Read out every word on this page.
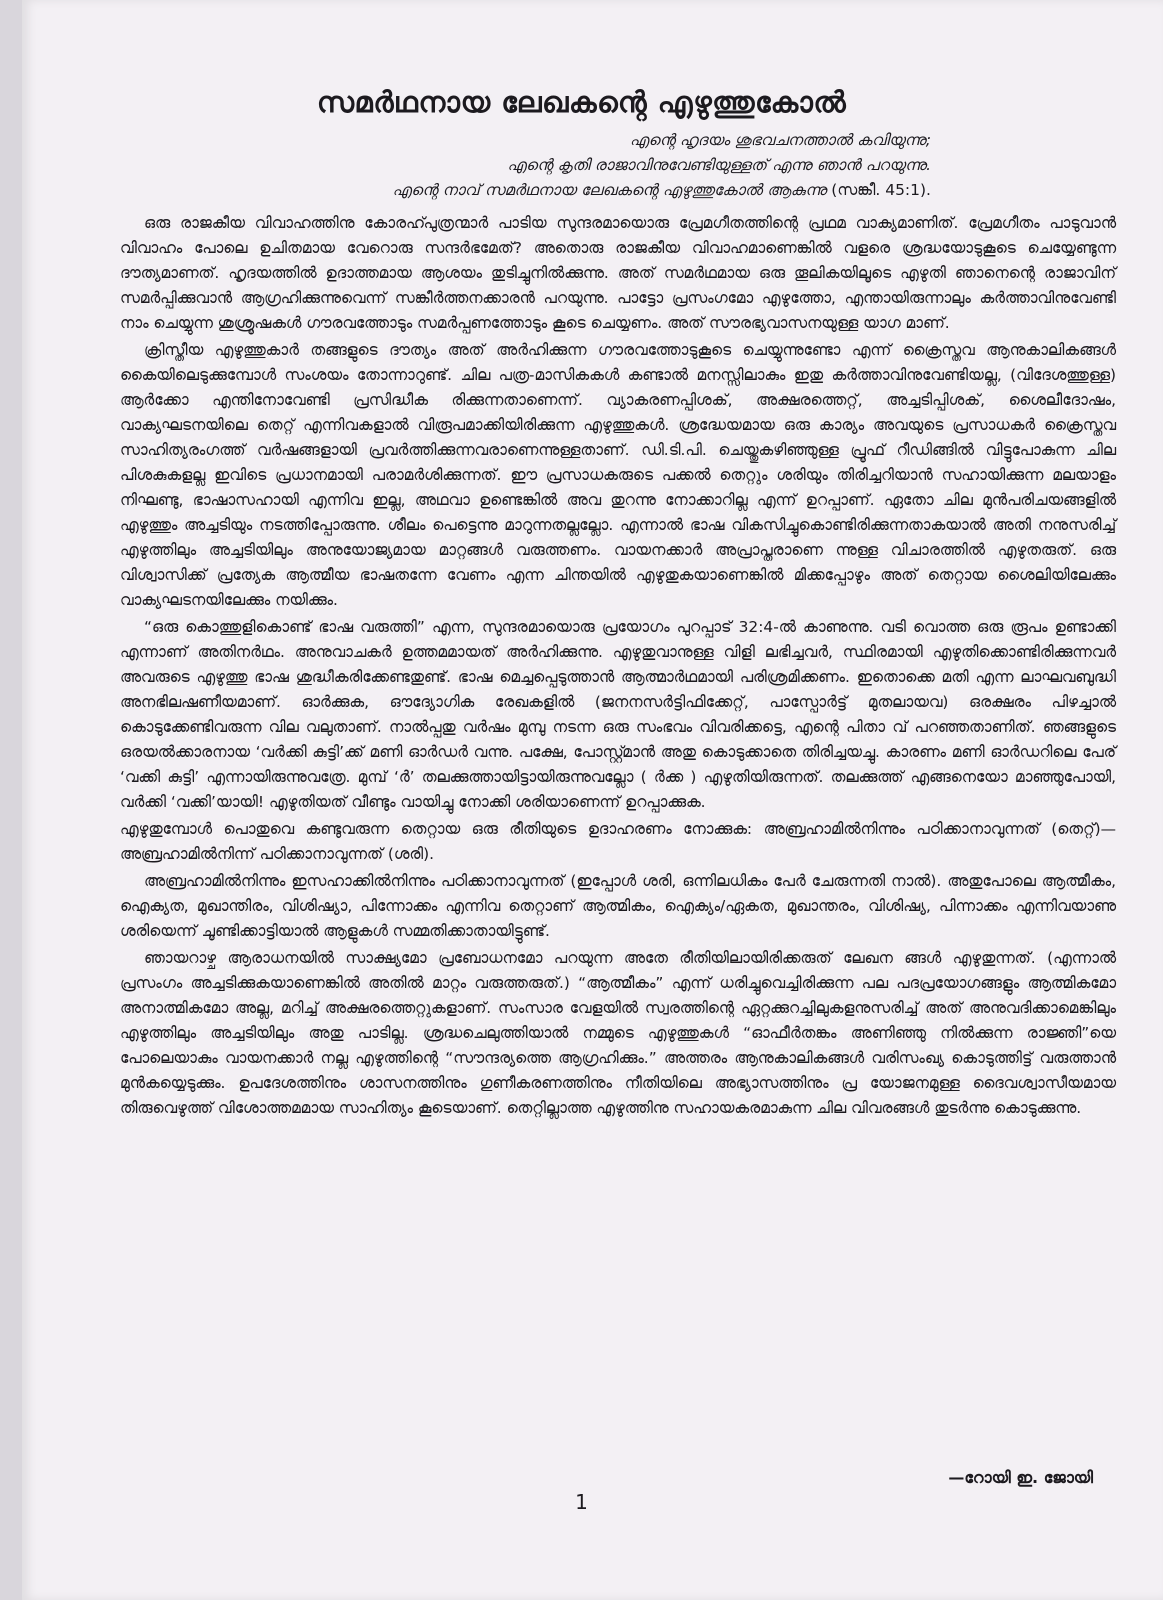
സമർഥനായ ലേഖകന്റെ എഴുത്തുകോൽ
എന്റെ ഹൃദയം ശുഭവചനത്താൽ കവിയുന്നു;
എന്റെ കൃതി രാജാവിനുവേണ്ടിയുള്ളത് എന്നു ഞാൻ പറയുന്നു.
എന്റെ നാവ് സമർഥനായ ലേഖകന്റെ എഴുത്തുകോൽ ആകുന്നു (സങ്കീ. 45:1).

ഒരു രാജകീയ വിവാഹത്തിനു കോരഹ്പുത്രന്മാർ പാടിയ സുന്ദരമായൊരു പ്രേമഗീതത്തിന്റെ പ്രഥമ വാക്യമാണിത്. പ്രേമഗീതം പാടുവാൻ വിവാഹം പോലെ ഉചിതമായ വേറൊരു സന്ദർഭമേത്? അതൊരു രാജകീയ വിവാഹമാണെങ്കിൽ വളരെ ശ്രദ്ധയോടുകൂടെ ചെയ്യേണ്ടുന്ന ദൗത്യമാണത്. ഹൃദയത്തിൽ ഉദാത്തമായ ആശയം തുടിച്ചുനിൽക്കുന്നു. അത് സമർഥമായ ഒരു തൂലികയിലൂടെ എഴുതി ഞാനെന്റെ രാജാവിന് സമർപ്പിക്കുവാൻ ആഗ്രഹിക്കുന്നുവെന്ന് സങ്കീർത്തനക്കാരൻ പറയുന്നു. പാട്ടോ പ്രസംഗമോ എഴുത്തോ, എന്തായിരുന്നാലും കർത്താവിനുവേണ്ടി നാം ചെയ്യുന്ന ശുശ്രൂഷകൾ ഗൗരവത്തോടും സമർപ്പണത്തോടും കൂടെ ചെയ്യണം. അത് സൗരഭ്യവാസനയുള്ള യാഗ മാണ്.

ക്രിസ്തീയ എഴുത്തുകാർ തങ്ങളുടെ ദൗത്യം അത് അർഹിക്കുന്ന ഗൗരവത്തോടുകൂടെ ചെയ്യുന്നുണ്ടോ എന്ന് ക്രൈസ്തവ ആനുകാലികങ്ങൾ കൈയിലെടുക്കുമ്പോൾ സംശയം തോന്നാറുണ്ട്. ചില പത്ര-മാസികകൾ കണ്ടാൽ മനസ്സിലാകും ഇതു കർത്താവിനുവേണ്ടിയല്ല, (വിദേശത്തുള്ള) ആർക്കോ എന്തിനോവേണ്ടി പ്രസിദ്ധീക രിക്കുന്നതാണെന്ന്. വ്യാകരണപ്പിശക്, അക്ഷരത്തെറ്റ്, അച്ചടിപ്പിശക്, ശൈലീദോഷം, വാക്യഘടനയിലെ തെറ്റ് എന്നിവകളാൽ വിരൂപമാക്കിയിരിക്കുന്ന എഴുത്തുകൾ. ശ്രദ്ധേയമായ ഒരു കാര്യം അവയുടെ പ്രസാധകർ ക്രൈസ്തവ സാഹിത്യരംഗത്ത് വർഷങ്ങളായി പ്രവർത്തിക്കുന്നവരാണെന്നുള്ളതാണ്. ഡി.ടി.പി. ചെയ്തുകഴിഞ്ഞുള്ള പ്രൂഫ് റീഡിങ്ങിൽ വിട്ടുപോകുന്ന ചില പിശകുകളല്ല ഇവിടെ പ്രധാനമായി പരാമർശിക്കുന്നത്. ഈ പ്രസാധകരുടെ പക്കൽ തെറ്റും ശരിയും തിരിച്ചറിയാൻ സഹായിക്കുന്ന മലയാളം നിഘണ്ടു, ഭാഷാസഹായി എന്നിവ ഇല്ല, അഥവാ ഉണ്ടെങ്കിൽ അവ തുറന്നു നോക്കാറില്ല എന്ന് ഉറപ്പാണ്. ഏതോ ചില മുൻപരിചയങ്ങളിൽ എഴുത്തും അച്ചടിയും നടത്തിപ്പോരുന്നു. ശീലം പെട്ടെന്നു മാറുന്നതല്ലല്ലോ. എന്നാൽ ഭാഷ വികസിച്ചുകൊണ്ടിരിക്കുന്നതാകയാൽ അതി നനുസരിച്ച് എഴുത്തിലും അച്ചടിയിലും അനുയോജ്യമായ മാറ്റങ്ങൾ വരുത്തണം. വായനക്കാർ അപ്രാപ്തരാണെ ന്നുള്ള വിചാരത്തിൽ എഴുതരുത്. ഒരു വിശ്വാസിക്ക് പ്രത്യേക ആത്മീയ ഭാഷതന്നേ വേണം എന്ന ചിന്തയിൽ എഴുതുകയാണെങ്കിൽ മിക്കപ്പോഴും അത് തെറ്റായ ശൈലിയിലേക്കും വാക്യഘടനയിലേക്കും നയിക്കും.

“ഒരു കൊത്തുളികൊണ്ട് ഭാഷ വരുത്തി” എന്ന, സുന്ദരമായൊരു പ്രയോഗം പുറപ്പാട് 32:4-ൽ കാണുന്നു. വടി വൊത്ത ഒരു രൂപം ഉണ്ടാക്കി എന്നാണ് അതിനർഥം. അനുവാചകർ ഉത്തമമായത് അർഹിക്കുന്നു. എഴുതുവാനുള്ള വിളി ലഭിച്ചവർ, സ്ഥിരമായി എഴുതിക്കൊണ്ടിരിക്കുന്നവർ അവരുടെ എഴുത്തു ഭാഷ ശുദ്ധീകരിക്കേണ്ടതുണ്ട്. ഭാഷ മെച്ചപ്പെടുത്താൻ ആത്മാർഥമായി പരിശ്രമിക്കണം. ഇതൊക്കെ മതി എന്ന ലാഘവബുദ്ധി അനഭിലഷണീയമാണ്. ഓർക്കുക, ഔദ്യോഗിക രേഖകളിൽ (ജനനസർട്ടിഫിക്കേറ്റ്, പാസ്പോർട്ട് മുതലായവ) ഒരക്ഷരം പിഴച്ചാൽ കൊടുക്കേണ്ടിവരുന്ന വില വലുതാണ്. നാൽപ്പതു വർഷം മുമ്പു നടന്ന ഒരു സംഭവം വിവരിക്കട്ടെ, എന്റെ പിതാ വ് പറഞ്ഞതാണിത്. ഞങ്ങളുടെ ഒരയൽക്കാരനായ ‘വർക്കി കുട്ടി’ക്ക് മണി ഓർഡർ വന്നു. പക്ഷേ, പോസ്റ്റ്മാൻ അതു കൊടുക്കാതെ തിരിച്ചയച്ചു. കാരണം മണി ഓർഡറിലെ പേര് ‘വക്കി കുട്ടി’ എന്നായിരുന്നുവത്രേ. മുമ്പ് ‘ർ’ തലക്കുത്തായിട്ടായിരുന്നുവല്ലോ ( ർക്ക ) എഴുതിയിരുന്നത്. തലക്കുത്ത് എങ്ങനെയോ മാഞ്ഞുപോയി, വർക്കി ‘വക്കി’യായി! എഴുതിയത് വീണ്ടും വായിച്ചു നോക്കി ശരിയാണെന്ന് ഉറപ്പാക്കുക.

എഴുതുമ്പോൾ പൊതുവെ കണ്ടുവരുന്ന തെറ്റായ ഒരു രീതിയുടെ ഉദാഹരണം നോക്കുക: അബ്രഹാമിൽനിന്നും പഠിക്കാനാവുന്നത് (തെറ്റ്)—അബ്രഹാമിൽനിന്ന് പഠിക്കാനാവുന്നത് (ശരി).

അബ്രഹാമിൽനിന്നും ഇസഹാക്കിൽനിന്നും പഠിക്കാനാവുന്നത് (ഇപ്പോൾ ശരി, ഒന്നിലധികം പേർ ചേരുന്നതി നാൽ). അതുപോലെ ആത്മീകം, ഐക്യത, മുഖാന്തിരം, വിശിഷ്യാ, പിന്നോക്കം എന്നിവ തെറ്റാണ് ആത്മികം, ഐക്യം/ഏകത, മുഖാന്തരം, വിശിഷ്യ, പിന്നാക്കം എന്നിവയാണു ശരിയെന്ന് ചൂണ്ടിക്കാട്ടിയാൽ ആളുകൾ സമ്മതിക്കാതായിട്ടുണ്ട്.

ഞായറാഴ്ച ആരാധനയിൽ സാക്ഷ്യമോ പ്രബോധനമോ പറയുന്ന അതേ രീതിയിലായിരിക്കരുത് ലേഖന ങ്ങൾ എഴുതുന്നത്. (എന്നാൽ പ്രസംഗം അച്ചടിക്കുകയാണെങ്കിൽ അതിൽ മാറ്റം വരുത്തരുത്.) “ആത്മീകം” എന്ന് ധരിച്ചുവെച്ചിരിക്കുന്ന പല പദപ്രയോഗങ്ങളും ആത്മികമോ അനാത്മികമോ അല്ല, മറിച്ച് അക്ഷരത്തെറ്റുകളാണ്. സംസാര വേളയിൽ സ്വരത്തിന്റെ ഏറ്റക്കുറച്ചിലുകളനുസരിച്ച് അത് അനുവദിക്കാമെങ്കിലും എഴുത്തിലും അച്ചടിയിലും അതു പാടില്ല. ശ്രദ്ധചെലുത്തിയാൽ നമ്മുടെ എഴുത്തുകൾ “ഓഫീർതങ്കം അണിഞ്ഞു നിൽക്കുന്ന രാജ്ഞി”യെ പോലെയാകും വായനക്കാർ നല്ല എഴുത്തിന്റെ “സൗന്ദര്യത്തെ ആഗ്രഹിക്കും.” അത്തരം ആനുകാലികങ്ങൾ വരിസംഖ്യ കൊടുത്തിട്ട് വരുത്താൻ മുൻകയ്യെടുക്കും. ഉപദേശത്തിനും ശാസനത്തിനും ഗുണീകരണത്തിനും നീതിയിലെ അഭ്യാസത്തിനും പ്ര യോജനമുള്ള ദൈവശ്വാസീയമായ തിരുവെഴുത്ത് വിശോത്തമമായ സാഹിത്യം കൂടെയാണ്. തെറ്റില്ലാത്ത എഴുത്തിനു സഹായകരമാകുന്ന ചില വിവരങ്ങൾ തുടർന്നു കൊടുക്കുന്നു.

—റോയി ഇ. ജോയി
1
